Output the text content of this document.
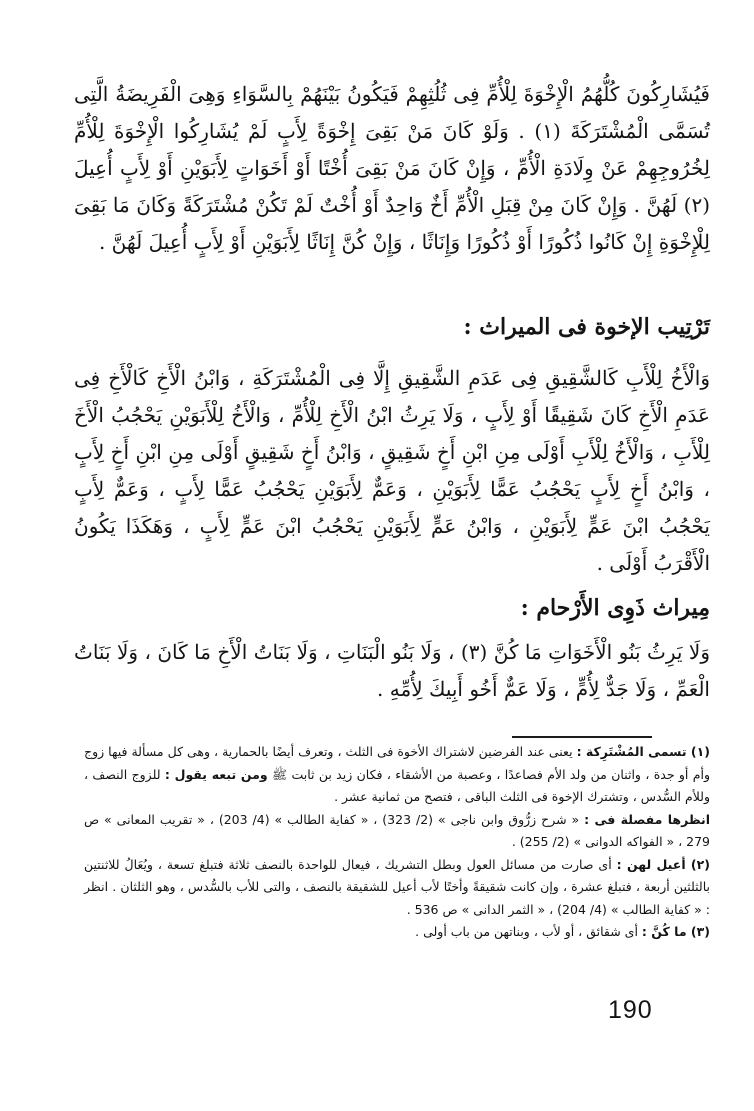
فَيُشَارِكُونَ كُلُّهُمُ الْإِخْوَةَ لِلْأُمِّ فِى ثُلُثِهِمْ فَيَكُونُ بَيْنَهُمْ بِالسَّوَاءِ وَهِىَ الْفَرِيضَةُ الَّتِى تُسَمَّى الْمُشْتَرَكَةَ (١) . وَلَوْ كَانَ مَنْ بَقِىَ إِخْوَةً لِأَبٍ لَمْ يُشَارِكُوا الْإِخْوَةَ لِلْأُمِّ لِخُرُوجِهِمْ عَنْ وِلَادَةِ الْأُمِّ ، وَإِنْ كَانَ مَنْ بَقِىَ أُخْتًا أَوْ أَخَوَاتٍ لِأَبَوَيْنِ أَوْ لِأَبٍ أُعِيلَ (٢) لَهُنَّ . وَإِنْ كَانَ مِنْ قِبَلِ الْأُمِّ أَخٌ وَاحِدٌ أَوْ أُخْتٌ لَمْ تَكُنْ مُشْتَرَكَةً وَكَانَ مَا بَقِىَ لِلْإِخْوَةِ إِنْ كَانُوا ذُكُورًا أَوْ ذُكُورًا وَإِنَاثًا ، وَإِنْ كُنَّ إِنَاثًا لِأَبَوَيْنِ أَوْ لِأَبٍ أُعِيلَ لَهُنَّ .

تَرْتِيب الإخوة فى الميراث :

وَالْأَخُ لِلْأَبِ كَالشَّقِيقِ فِى عَدَمِ الشَّقِيقِ إِلَّا فِى الْمُشْتَرَكَةِ ، وَابْنُ الْأَخِ كَالْأَخِ فِى عَدَمِ الْأَخِ كَانَ شَقِيقًا أَوْ لِأَبٍ ، وَلَا يَرِثُ ابْنُ الْأَخِ لِلْأُمِّ ، وَالْأَخُ لِلْأَبَوَيْنِ يَحْجُبُ الْأَخَ لِلْأَبِ ، وَالْأَخُ لِلْأَبِ أَوْلَى مِنِ ابْنِ أَخٍ شَقِيقٍ ، وَابْنُ أَخٍ شَقِيقٍ أَوْلَى مِنِ ابْنِ أَخٍ لِأَبٍ ، وَابْنُ أَخٍ لِأَبٍ يَحْجُبُ عَمًّا لِأَبَوَيْنِ ، وَعَمٌّ لِأَبَوَيْنِ يَحْجُبُ عَمًّا لِأَبٍ ، وَعَمٌّ لِأَبٍ يَحْجُبُ ابْنَ عَمٍّ لِأَبَوَيْنِ ، وَابْنُ عَمٍّ لِأَبَوَيْنِ يَحْجُبُ ابْنَ عَمٍّ لِأَبٍ ، وَهَكَذَا يَكُونُ الْأَقْرَبُ أَوْلَى .

مِيراث ذَوِى الأَرْحام :

وَلَا يَرِثُ بَنُو الْأَخَوَاتِ مَا كُنَّ (٣) ، وَلَا بَنُو الْبَنَاتِ ، وَلَا بَنَاتُ الْأَخِ مَا كَانَ ، وَلَا بَنَاتُ الْعَمِّ ، وَلَا جَدٌّ لِأُمٍّ ، وَلَا عَمٌّ أَخُو أَبِيكَ لِأُمِّهِ .

(١) تسمى المُشْتَرِكة : يعنى عند الفرضين لاشتراك الأخوة فى الثلث ، وتعرف أيضًا بالحمارية ، وهى كل مسألة فيها زوج وأم أو جدة ، واثنان من ولد الأم فصاعدًا ، وعصبة من الأشقاء ، فكان زيد بن ثابت ﷺ ومن تبعه يقول : للزوج النصف ، وللأم السُّدس ، وتشترك الإخوة فى الثلث الباقى ، فتصح من ثمانية عشر .

انظرها مفصلة فى : « شرح زرُّوق وابن ناجى » (2/ 323) ، « كفاية الطالب » (4/ 203) ، « تقريب المعانى » ص 279 ، « الفواكه الدوانى » (2/ 255) .

(٢) أعيل لهن : أى صارت من مسائل العول وبطل التشريك ، فيعال للواحدة بالنصف ثلاثة فتبلغ تسعة ، ويُعَالُ للاثنتين بالثلثين أربعة ، فتبلغ عشرة ، وإن كانت شقيقةً وأختًا لأب أعيل للشقيقة بالنصف ، والتى للأب بالسُّدس ، وهو الثلثان . انظر : « كفاية الطالب » (4/ 204) ، « الثمر الدانى » ص 536 .

(٣) ما كُنَّ : أى شقائق ، أو لأب ، وبناتهن من باب أولى .

190
